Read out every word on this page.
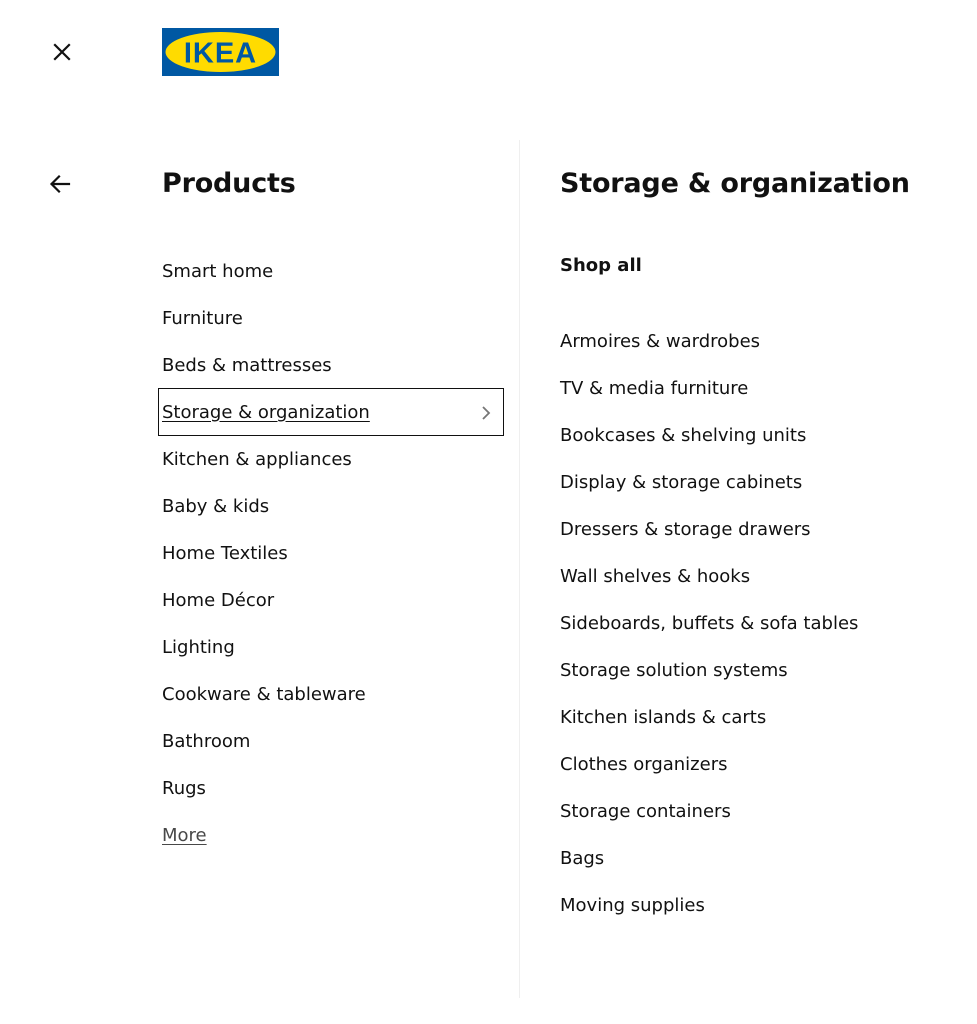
IKEA
Products
Smart home
Furniture
Beds & mattresses
Storage & organization
Kitchen & appliances
Baby & kids
Home Textiles
Home Décor
Lighting
Cookware & tableware
Bathroom
Rugs
More
Storage & organization
Shop all
Armoires & wardrobes
TV & media furniture
Bookcases & shelving units
Display & storage cabinets
Dressers & storage drawers
Wall shelves & hooks
Sideboards, buffets & sofa tables
Storage solution systems
Kitchen islands & carts
Clothes organizers
Storage containers
Bags
Moving supplies
